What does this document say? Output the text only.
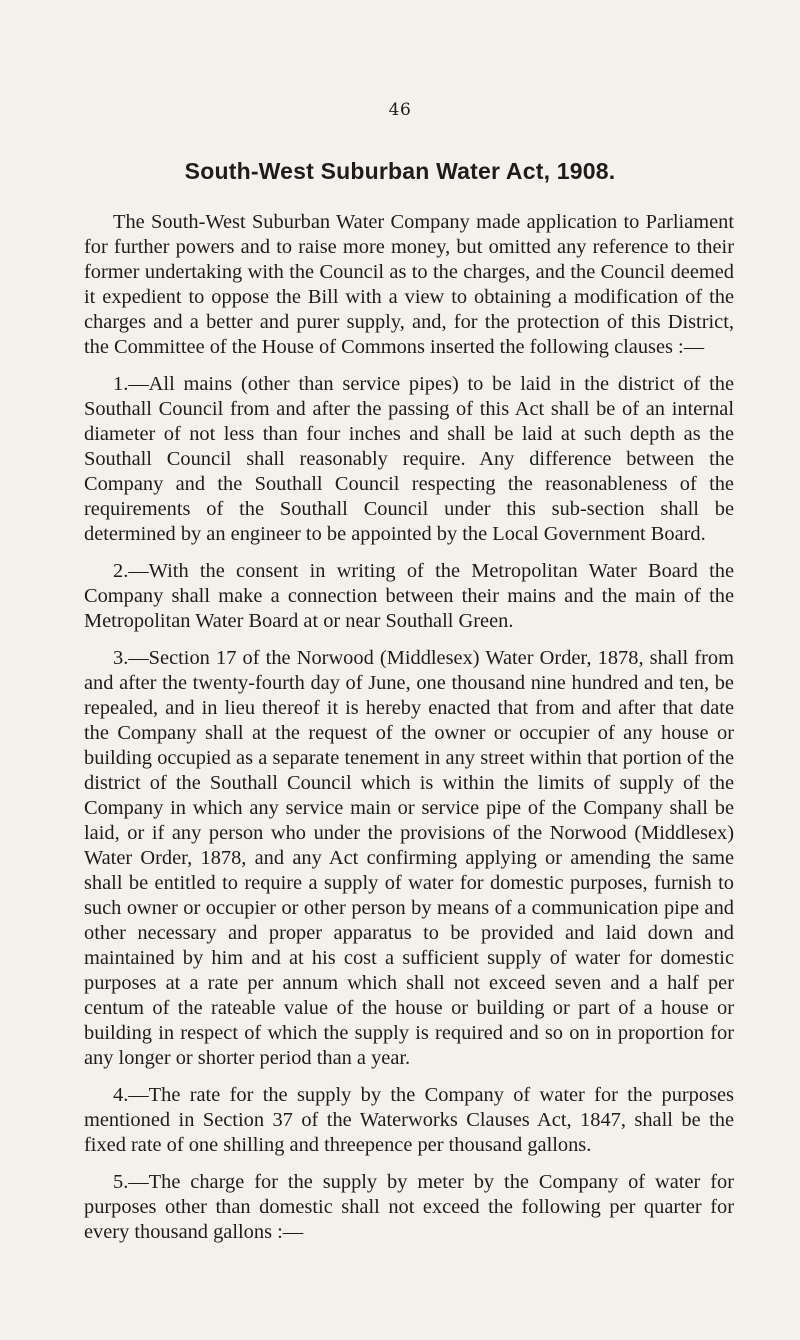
46
South-West Suburban Water Act, 1908.

The South-West Suburban Water Company made application to Parliament for further powers and to raise more money, but omitted any reference to their former undertaking with the Council as to the charges, and the Council deemed it expedient to oppose the Bill with a view to obtaining a modification of the charges and a better and purer supply, and, for the protection of this District, the Committee of the House of Commons inserted the following clauses :—

1.—All mains (other than service pipes) to be laid in the district of the Southall Council from and after the passing of this Act shall be of an internal diameter of not less than four inches and shall be laid at such depth as the Southall Council shall reasonably require. Any difference between the Company and the Southall Council respecting the reasonableness of the requirements of the Southall Council under this sub-section shall be determined by an engineer to be appointed by the Local Government Board.

2.—With the consent in writing of the Metropolitan Water Board the Company shall make a connection between their mains and the main of the Metropolitan Water Board at or near Southall Green.

3.—Section 17 of the Norwood (Middlesex) Water Order, 1878, shall from and after the twenty-fourth day of June, one thousand nine hundred and ten, be repealed, and in lieu thereof it is hereby enacted that from and after that date the Company shall at the request of the owner or occupier of any house or building occupied as a separate tenement in any street within that portion of the district of the Southall Council which is within the limits of supply of the Company in which any service main or service pipe of the Company shall be laid, or if any person who under the provisions of the Norwood (Middlesex) Water Order, 1878, and any Act confirming applying or amending the same shall be entitled to require a supply of water for domestic purposes, furnish to such owner or occupier or other person by means of a communication pipe and other necessary and proper apparatus to be provided and laid down and maintained by him and at his cost a sufficient supply of water for domestic purposes at a rate per annum which shall not exceed seven and a half per centum of the rateable value of the house or building or part of a house or building in respect of which the supply is required and so on in proportion for any longer or shorter period than a year.

4.—The rate for the supply by the Company of water for the purposes mentioned in Section 37 of the Waterworks Clauses Act, 1847, shall be the fixed rate of one shilling and threepence per thousand gallons.

5.—The charge for the supply by meter by the Company of water for purposes other than domestic shall not exceed the following per quarter for every thousand gallons :—
